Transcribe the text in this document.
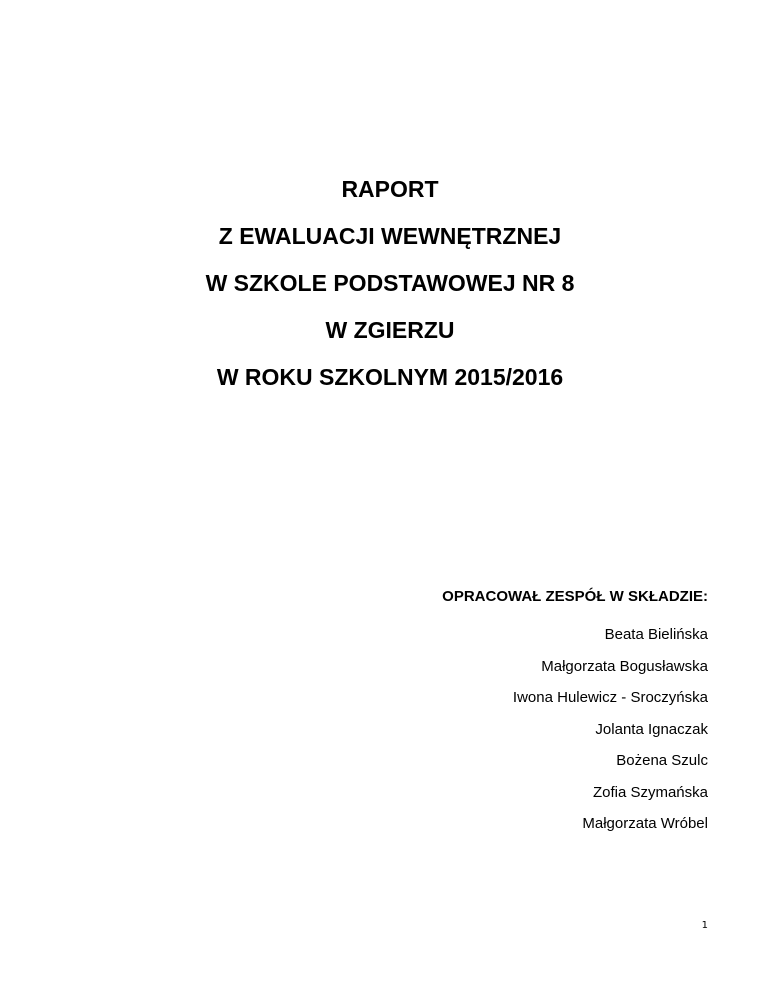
RAPORT
Z EWALUACJI WEWNĘTRZNEJ
W SZKOLE PODSTAWOWEJ NR 8
W ZGIERZU
W ROKU SZKOLNYM 2015/2016
OPRACOWAŁ ZESPÓŁ W SKŁADZIE:
Beata Bielińska
Małgorzata Bogusławska
Iwona Hulewicz - Sroczyńska
Jolanta Ignaczak
Bożena Szulc
Zofia Szymańska
Małgorzata Wróbel
1
